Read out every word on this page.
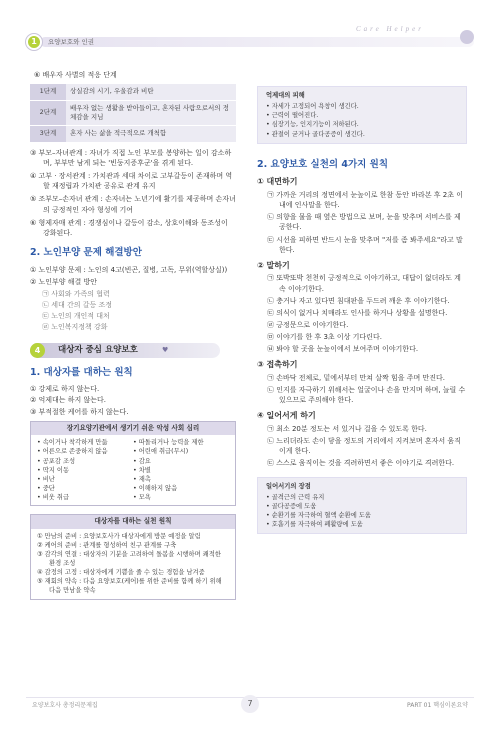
1	요양보호와 인권
Care Helper

⑥ 배우자 사별의 적응 단계

1단계	상실감의 시기, 우울감과 비탄
2단계	배우자 없는 생활을 받아들이고, 혼자된 사람으로서의 정체감을 지님
3단계	혼자 사는 삶을 적극적으로 개척함

③ 부모–자녀관계 : 자녀가 직접 노인 부모를 봉양하는 일이 감소하며, 부부만 남게 되는 '빈둥지증후군'을 겪게 된다.

④ 고부 · 장서관계 : 가치관과 세대 차이로 고부갈등이 존재하며 역할 재정립과 가치관 공유로 관계 유지

⑤ 조부모–손자녀 관계 : 손자녀는 노년기에 활기를 제공하며 손자녀의 긍정적인 자아 형성에 기여

⑥ 형제자매 관계 : 경쟁심이나 갈등이 감소, 상호이해와 동조성이 강화된다.

2. 노인부양 문제 해결방안

① 노인부양 문제 : 노인의 4고(빈곤, 질병, 고독, 무위(역할상실))

② 노인부양 해결 방안

㉠ 사회와 가족의 협력

㉡ 세대 간의 갈등 조정

㉢ 노인의 개인적 대처

㉣ 노인복지정책 강화

4	대상자 중심 요양보호	♥
1. 대상자를 대하는 원칙

① 강제로 하지 않는다.

② 억제대는 하지 않는다.

③ 부적절한 케어를 하지 않는다.

장기요양기관에서 생기기 쉬운 악성 사회 심리

• 속이거나 착각하게 만듦

• 어른으로 존중하지 않음

• 공포감 조성

• 딱지 이동

• 비난

• 중단

• 비웃 취급

• 따돌리거나 능력을 제한

• 어린애 취급(무시)

• 감요

• 차별

• 재촉

• 이해하지 않음

• 모욕

대상자를 대하는 실천 원칙

① 만남의 준비 : 요양보호사가 대상자에게 방문 예정을 알림

② 케어의 준비 : 관계를 형성하여 친구 관계를 구축

③ 감각의 연결 : 대상자의 기분을 고려하여 돌봄을 시행하며 쾌적한 환경 조성

④ 감정의 고정 : 대상자에게 기쁨을 줄 수 있는 경험을 남겨줌

⑤ 재회의 약속 : 다음 요양보호(케어)를 위한 준비를 함께 하기 위해 다음 만남을 약속

억제대의 피해

• 자세가 고정되어 욕창이 생긴다.

• 근력이 떨어진다.

• 심장기능, 인지기능이 저하된다.

• 관절이 굳거나 골다공증이 생긴다.

2. 요양보호 실천의 4가지 원칙

① 대면하기

㉠ 가까운 거리의 정면에서 눈높이로 한참 동안 바라본 후 2초 이내에 인사말을 한다.

㉡ 의향을 물을 때 옆은 방법으로 보며, 눈을 맞추며 서비스를 제공한다.

㉢ 시선을 피하면 반드시 눈을 맞추며 "저를 좀 봐주세요"라고 말한다.

② 말하기

㉠ 또박또박 천천히 긍정적으로 이야기하고, 대답이 없더라도 계속 이야기한다.

㉡ 충거나 자고 있다면 침대판을 두드려 깨운 후 이야기한다.

㉢ 의식이 없거나 치매라도 인사를 하거나 상황을 설명한다.

㉣ 긍정문으로 이야기한다.

㉤ 이야기를 한 후 3초 이상 기다린다.

㉥ 봐야 할 곳을 눈높이에서 보여주며 이야기한다.

③ 접촉하기

㉠ 손바닥 전체로, 밑에서부터 만쳐 살짝 힘을 주며 만진다.

㉡ 인지를 자극하기 위해서는 얼굴이나 손을 만지며 하며, 늘릴 수 있으므로 주의해야 한다.

④ 일어서게 하기

㉠ 최소 20분 정도는 서 있거나 걸을 수 있도록 한다.

㉡ 느리더라도 손이 닿을 정도의 거리에서 지켜보며 혼자서 움직이게 한다.

㉢ 스스로 움직이는 것을 격려하면서 좋은 이야기로 격려한다.

일어서기의 장점

• 골격근의 근력 유지

• 골다공증에 도움

• 순환기를 자극하여 혈액 순환에 도움

• 호흡기를 자극하여 폐활량에 도움

요양보호사 총정리문제집	7	PART 01 핵심이론요약
